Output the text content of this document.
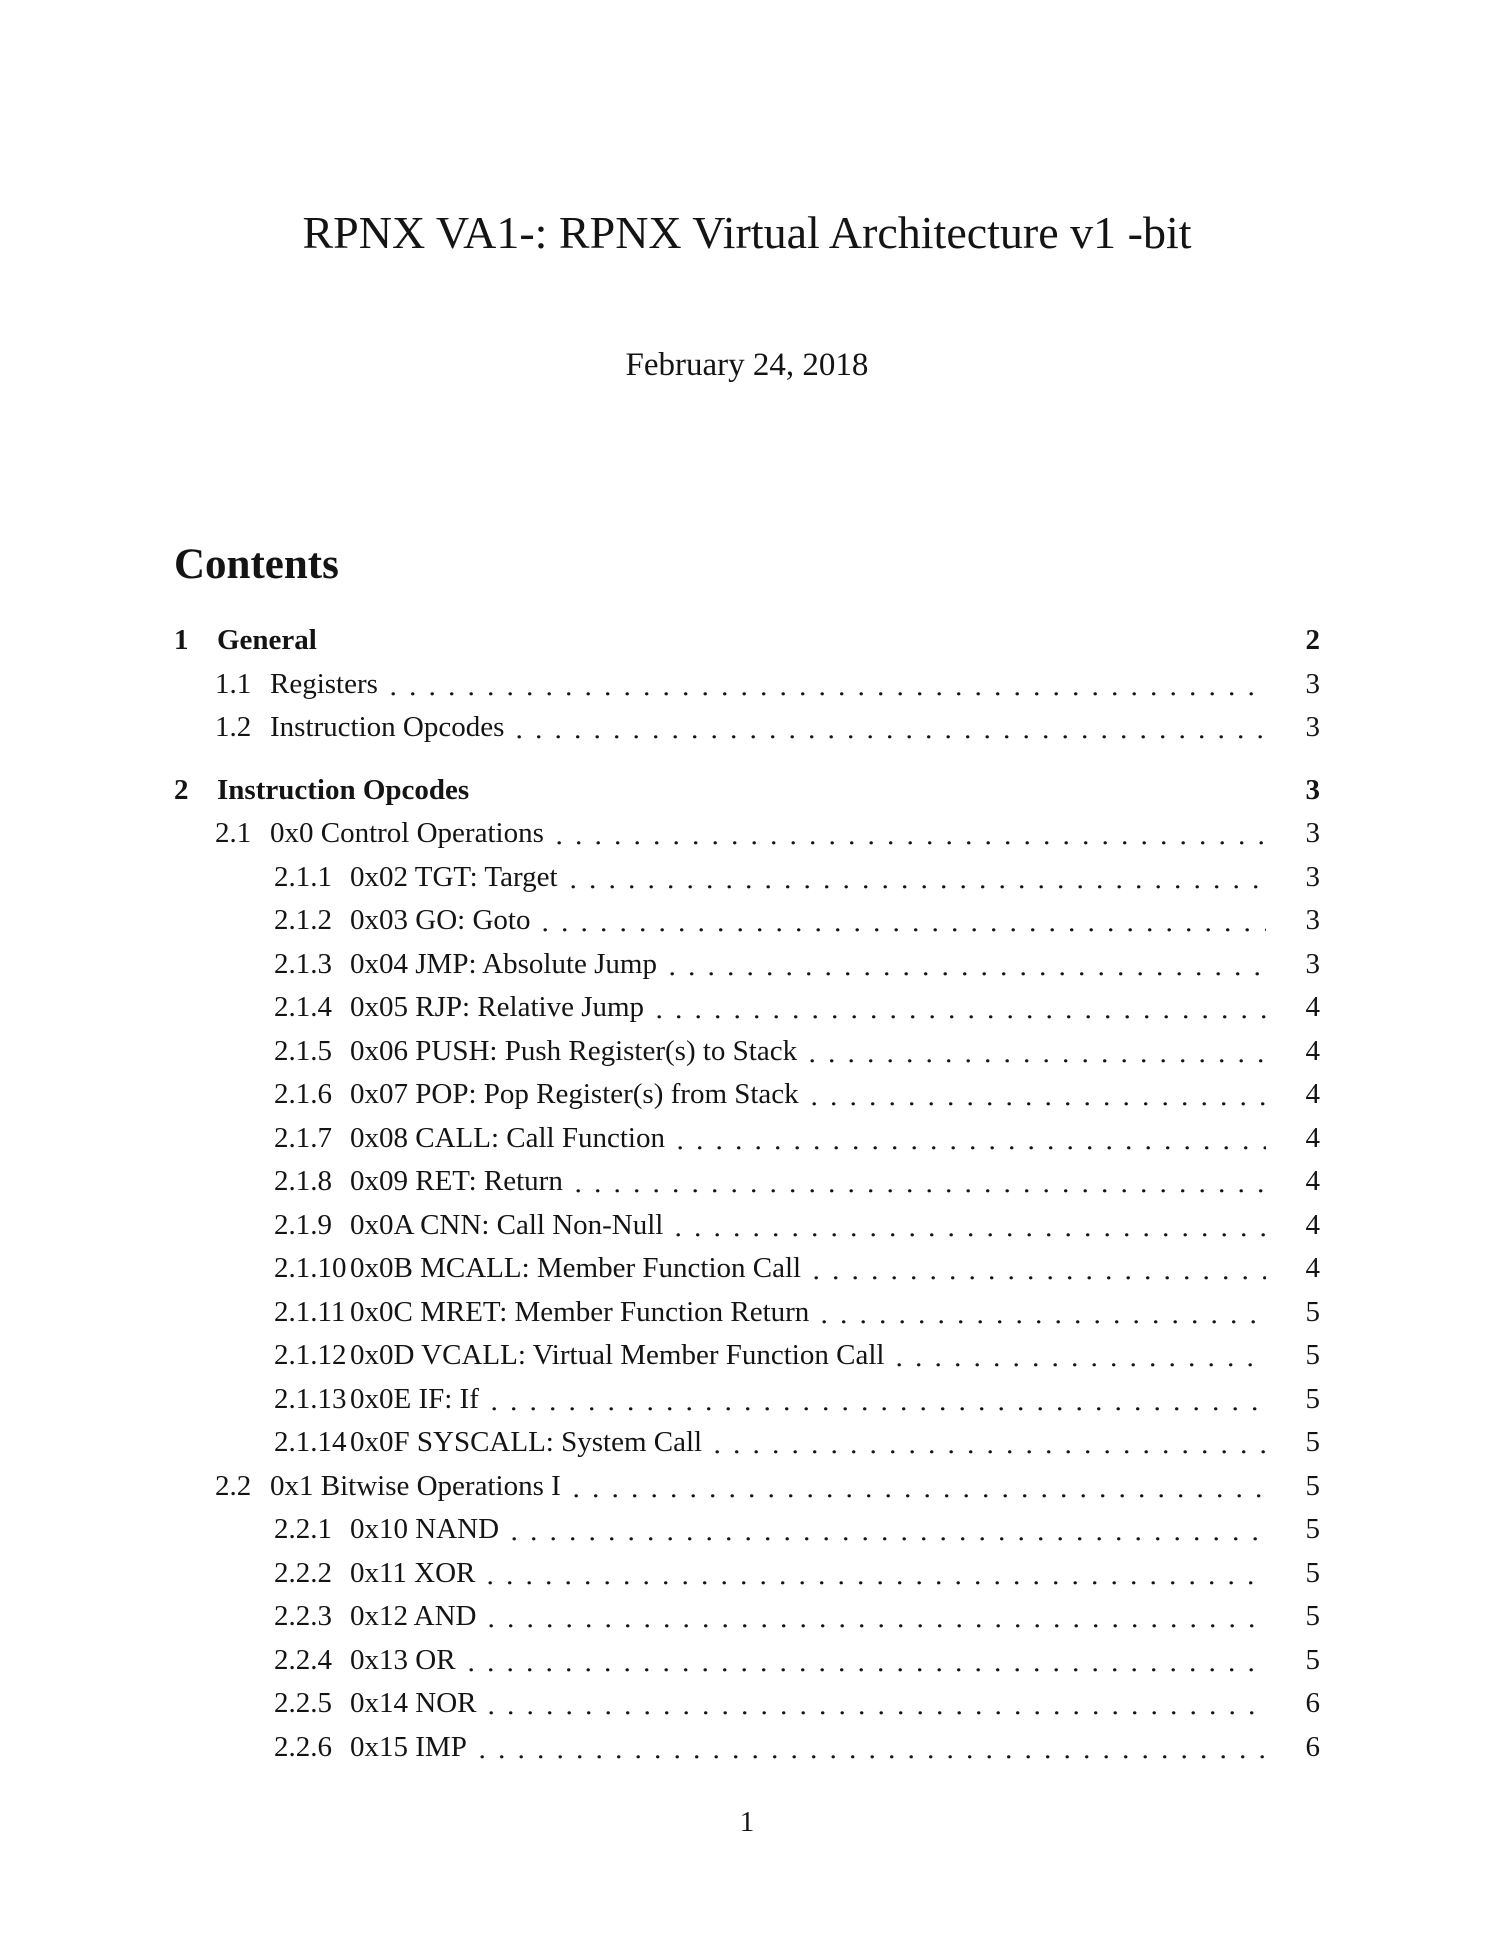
RPNX VA1-: RPNX Virtual Architecture v1 -bit
February 24, 2018
Contents
1 General	2
1.1 Registers	3
1.2 Instruction Opcodes	3
2 Instruction Opcodes	3
2.1 0x0 Control Operations	3
2.1.1 0x02 TGT: Target	3
2.1.2 0x03 GO: Goto	3
2.1.3 0x04 JMP: Absolute Jump	3
2.1.4 0x05 RJP: Relative Jump	4
2.1.5 0x06 PUSH: Push Register(s) to Stack	4
2.1.6 0x07 POP: Pop Register(s) from Stack	4
2.1.7 0x08 CALL: Call Function	4
2.1.8 0x09 RET: Return	4
2.1.9 0x0A CNN: Call Non-Null	4
2.1.10 0x0B MCALL: Member Function Call	4
2.1.11 0x0C MRET: Member Function Return	5
2.1.12 0x0D VCALL: Virtual Member Function Call	5
2.1.13 0x0E IF: If	5
2.1.14 0x0F SYSCALL: System Call	5
2.2 0x1 Bitwise Operations I	5
2.2.1 0x10 NAND	5
2.2.2 0x11 XOR	5
2.2.3 0x12 AND	5
2.2.4 0x13 OR	5
2.2.5 0x14 NOR	6
2.2.6 0x15 IMP	6
1
